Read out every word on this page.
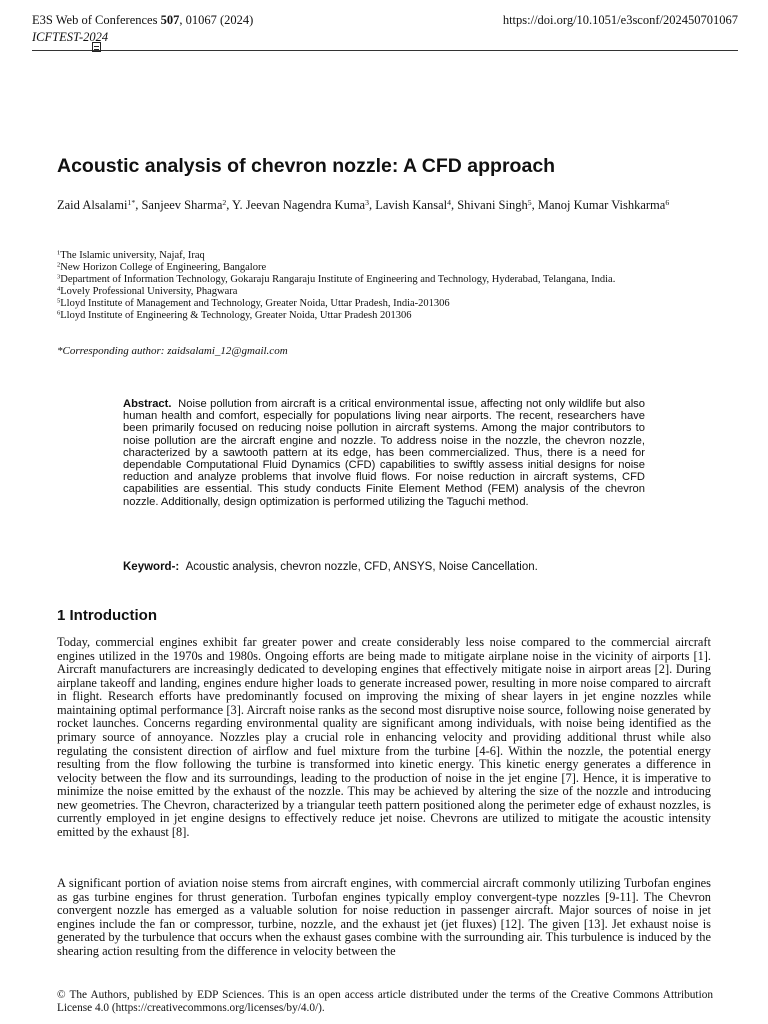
E3S Web of Conferences 507, 01067 (2024)	https://doi.org/10.1051/e3sconf/202450701067
ICFTEST-2024
Acoustic analysis of chevron nozzle: A CFD approach
Zaid Alsalami$^{1*}$, Sanjeev Sharma$^2$, Y. Jeevan Nagendra Kuma$^3$, Lavish Kansal$^4$, Shivani Singh$^5$, Manoj Kumar Vishkarma$^6$
$^1$The Islamic university, Najaf, Iraq
$^2$New Horizon College of Engineering, Bangalore
$^3$Department of Information Technology, Gokaraju Rangaraju Institute of Engineering and Technology, Hyderabad, Telangana, India.
$^4$Lovely Professional University, Phagwara
$^5$Lloyd Institute of Management and Technology, Greater Noida, Uttar Pradesh, India-201306
$^6$Lloyd Institute of Engineering & Technology, Greater Noida, Uttar Pradesh 201306
*Corresponding author: zaidsalami_12@gmail.com
Abstract. Noise pollution from aircraft is a critical environmental issue, affecting not only wildlife but also human health and comfort, especially for populations living near airports. The recent, researchers have been primarily focused on reducing noise pollution in aircraft systems. Among the major contributors to noise pollution are the aircraft engine and nozzle. To address noise in the nozzle, the chevron nozzle, characterized by a sawtooth pattern at its edge, has been commercialized. Thus, there is a need for dependable Computational Fluid Dynamics (CFD) capabilities to swiftly assess initial designs for noise reduction and analyze problems that involve fluid flows. For noise reduction in aircraft systems, CFD capabilities are essential. This study conducts Finite Element Method (FEM) analysis of the chevron nozzle. Additionally, design optimization is performed utilizing the Taguchi method.
Keyword-: Acoustic analysis, chevron nozzle, CFD, ANSYS, Noise Cancellation.
1 Introduction
Today, commercial engines exhibit far greater power and create considerably less noise compared to the commercial aircraft engines utilized in the 1970s and 1980s. Ongoing efforts are being made to mitigate airplane noise in the vicinity of airports [1]. Aircraft manufacturers are increasingly dedicated to developing engines that effectively mitigate noise in airport areas [2]. During airplane takeoff and landing, engines endure higher loads to generate increased power, resulting in more noise compared to aircraft in flight. Research efforts have predominantly focused on improving the mixing of shear layers in jet engine nozzles while maintaining optimal performance [3]. Aircraft noise ranks as the second most disruptive noise source, following noise generated by rocket launches. Concerns regarding environmental quality are significant among individuals, with noise being identified as the primary source of annoyance. Nozzles play a crucial role in enhancing velocity and providing additional thrust while also regulating the consistent direction of airflow and fuel mixture from the turbine [4-6]. Within the nozzle, the potential energy resulting from the flow following the turbine is transformed into kinetic energy. This kinetic energy generates a difference in velocity between the flow and its surroundings, leading to the production of noise in the jet engine [7]. Hence, it is imperative to minimize the noise emitted by the exhaust of the nozzle. This may be achieved by altering the size of the nozzle and introducing new geometries. The Chevron, characterized by a triangular teeth pattern positioned along the perimeter edge of exhaust nozzles, is currently employed in jet engine designs to effectively reduce jet noise. Chevrons are utilized to mitigate the acoustic intensity emitted by the exhaust [8].
A significant portion of aviation noise stems from aircraft engines, with commercial aircraft commonly utilizing Turbofan engines as gas turbine engines for thrust generation. Turbofan engines typically employ convergent-type nozzles [9-11]. The Chevron convergent nozzle has emerged as a valuable solution for noise reduction in passenger aircraft. Major sources of noise in jet engines include the fan or compressor, turbine, nozzle, and the exhaust jet (jet fluxes) [12]. The given [13]. Jet exhaust noise is generated by the turbulence that occurs when the exhaust gases combine with the surrounding air. This turbulence is induced by the shearing action resulting from the difference in velocity between the
© The Authors, published by EDP Sciences. This is an open access article distributed under the terms of the Creative Commons Attribution License 4.0 (https://creativecommons.org/licenses/by/4.0/).
